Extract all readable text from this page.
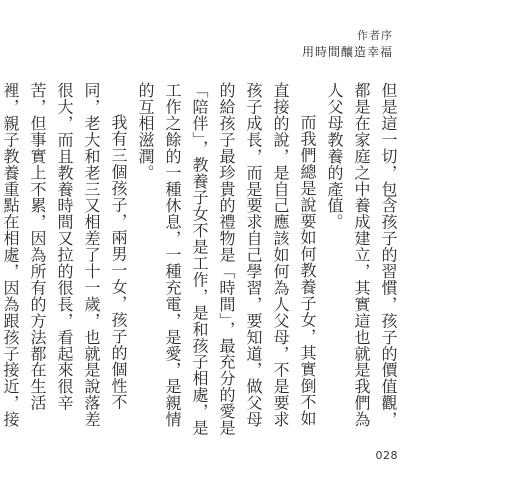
作者序
用時間釀造幸福

但是這一切，包含孩子的習慣，孩子的價值觀，都是在家庭之中養成建立，其實這也就是我們為人父母教養的產值。

而我們總是說要如何教養子女，其實倒不如直接的說，是自己應該如何為人父母，不是要求孩子成長，而是要求自己學習，要知道，做父母的給孩子最珍貴的禮物是「時間」，最充分的愛是「陪伴」，教養子女不是工作，是和孩子相處，是工作之餘的一種休息，一種充電，是愛，是親情的互相滋潤。

我有三個孩子，兩男一女，孩子的個性不同，老大和老三又相差了十一歲，也就是說落差很大，而且教養時間又拉的很長，看起來很辛苦，但事實上不累，因為所有的方法都在生活裡，親子教養重點在相處，因為跟孩子接近，接

028
